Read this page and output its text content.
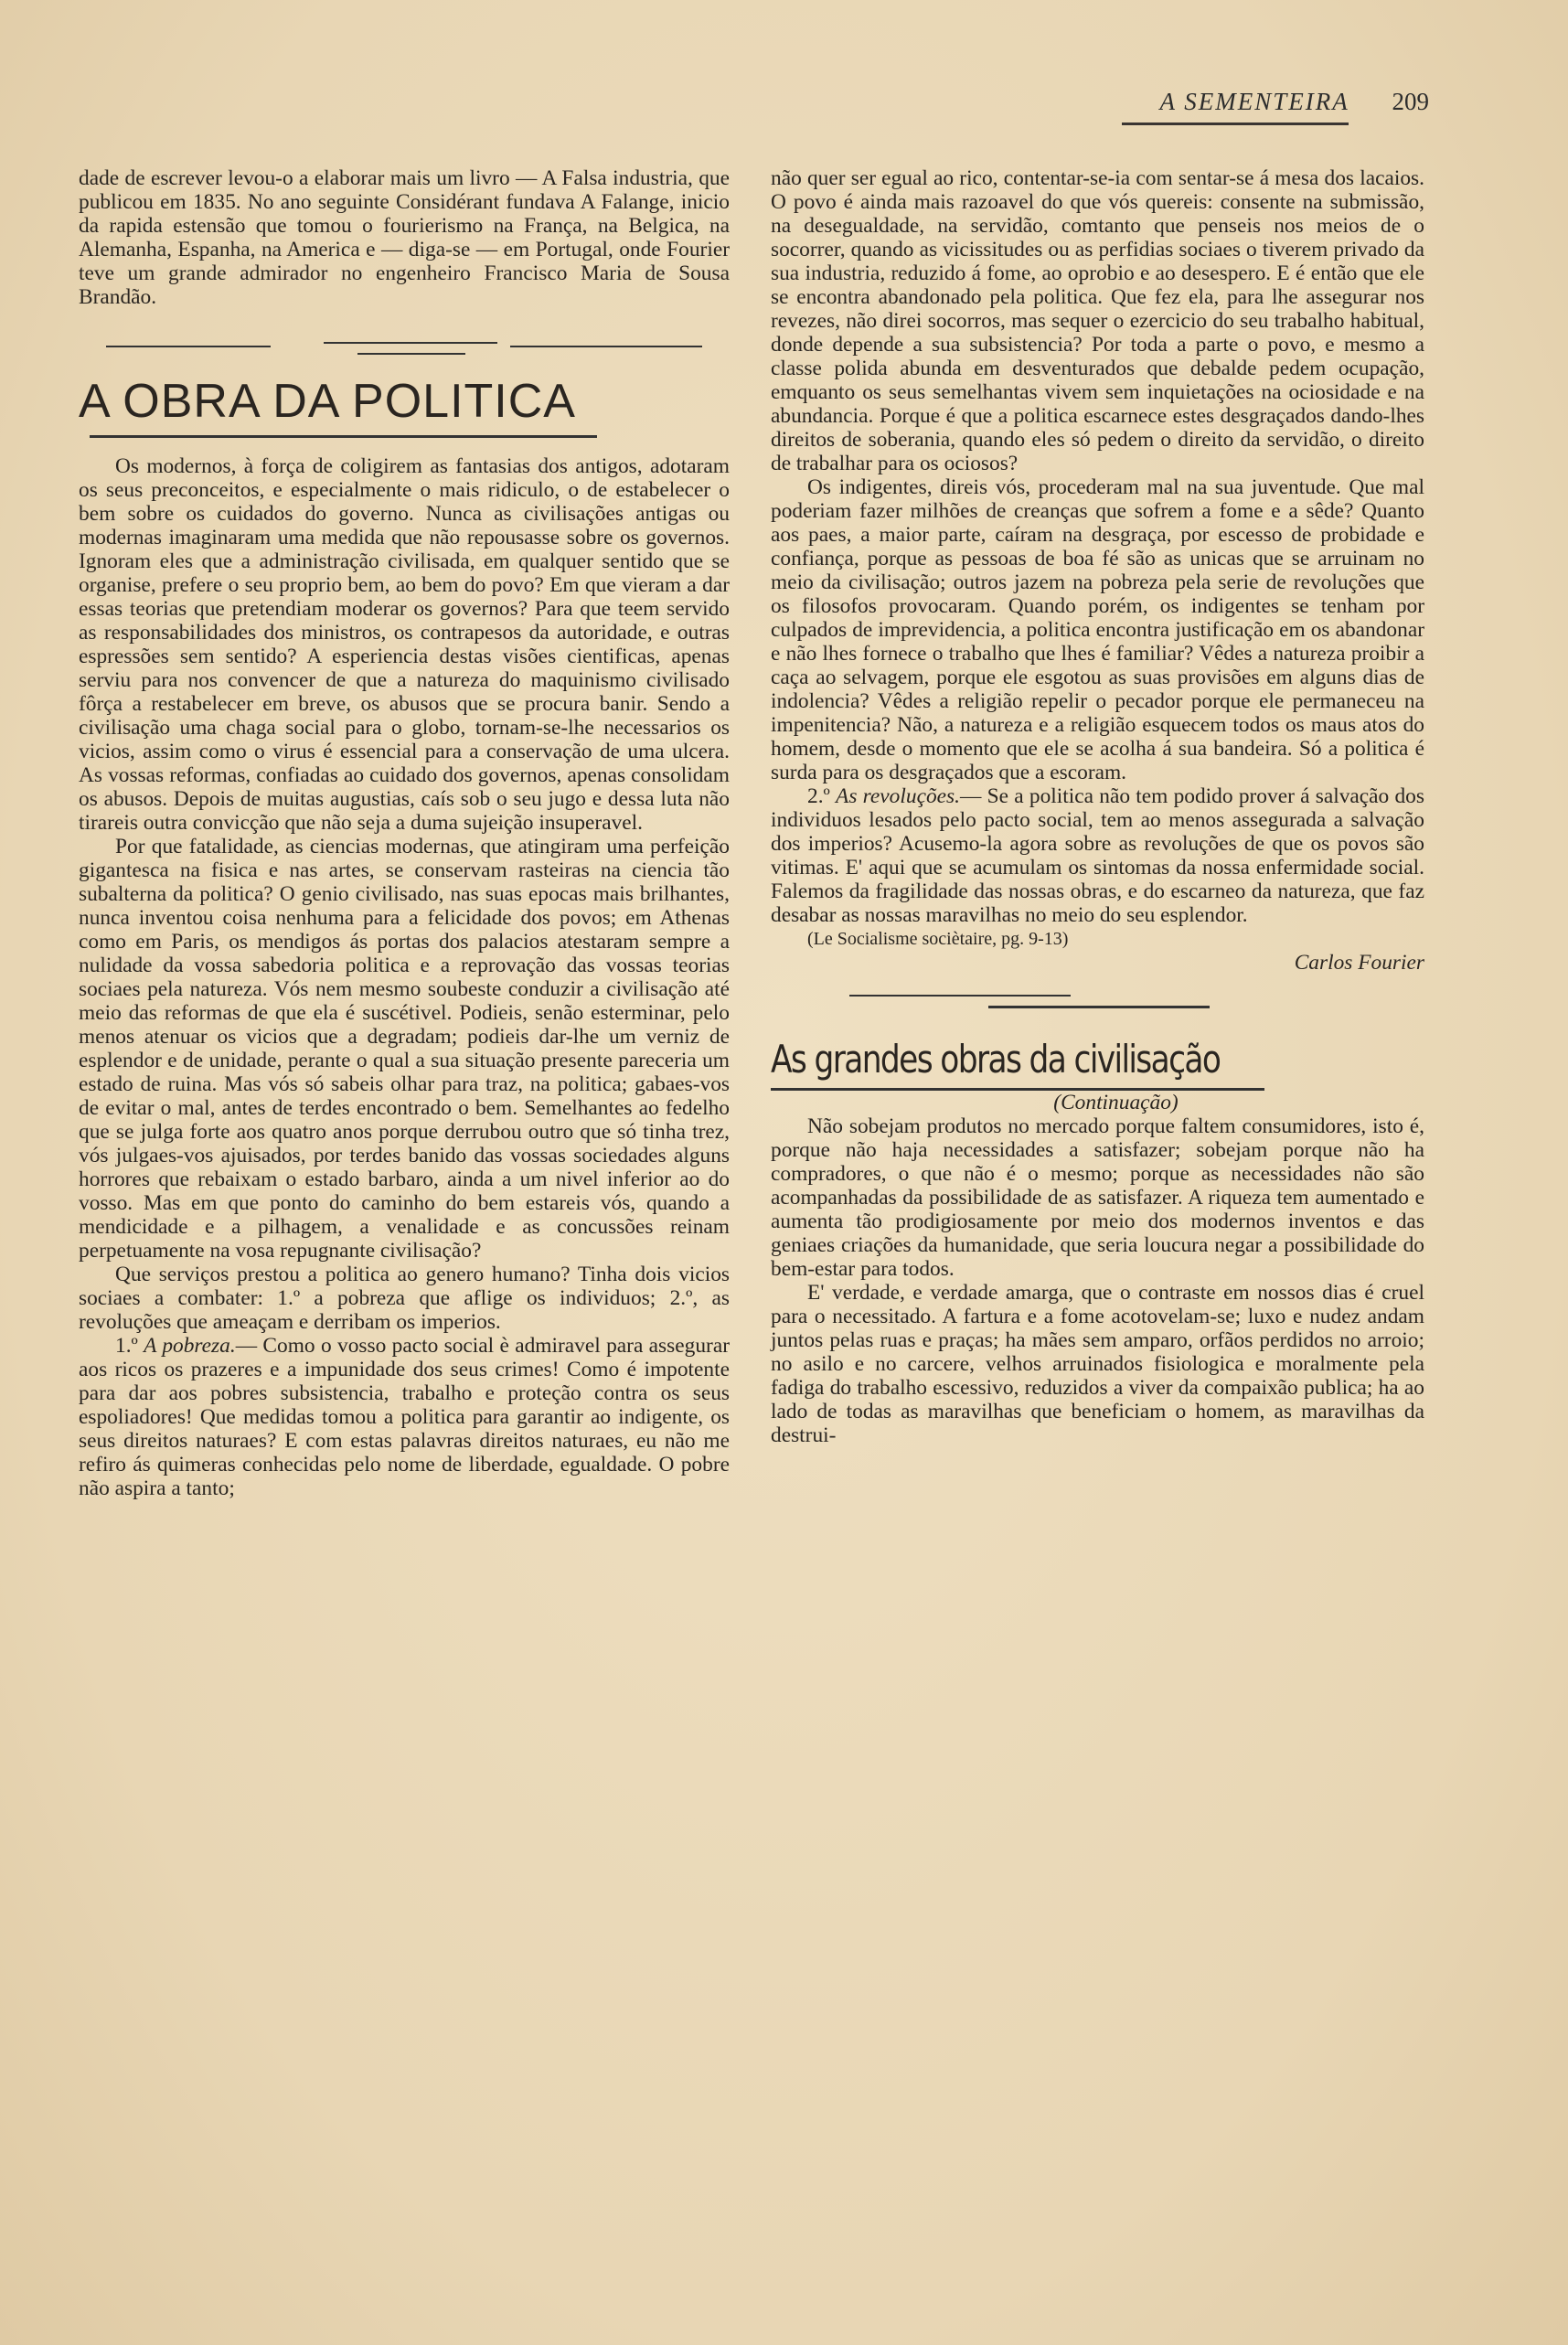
A SEMENTEIRA 209

dade de escrever levou-o a elaborar mais um livro — A Falsa industria, que publicou em 1835. No ano seguinte Considérant fundava A Falange, inicio da rapida estensão que tomou o fourierismo na França, na Belgica, na Alemanha, Espanha, na America e — diga-se — em Portugal, onde Fourier teve um grande admirador no engenheiro Francisco Maria de Sousa Brandão.

A OBRA DA POLITICA

Os modernos, à força de coligirem as fantasias dos antigos, adotaram os seus preconceitos, e especialmente o mais ridiculo, o de estabelecer o bem sobre os cuidados do governo. Nunca as civilisações antigas ou modernas imaginaram uma medida que não repousasse sobre os governos. Ignoram eles que a administração civilisada, em qualquer sentido que se organise, prefere o seu proprio bem, ao bem do povo? Em que vieram a dar essas teorias que pretendiam moderar os governos? Para que teem servido as responsabilidades dos ministros, os contrapesos da autoridade, e outras espressões sem sentido? A esperiencia destas visões cientificas, apenas serviu para nos convencer de que a natureza do maquinismo civilisado fôrça a restabelecer em breve, os abusos que se procura banir. Sendo a civilisação uma chaga social para o globo, tornam-se-lhe necessarios os vicios, assim como o virus é essencial para a conservação de uma ulcera. As vossas reformas, confiadas ao cuidado dos governos, apenas consolidam os abusos. Depois de muitas augustias, caís sob o seu jugo e dessa luta não tirareis outra convicção que não seja a duma sujeição insuperavel.

Por que fatalidade, as ciencias modernas, que atingiram uma perfeição gigantesca na fisica e nas artes, se conservam rasteiras na ciencia tão subalterna da politica? O genio civilisado, nas suas epocas mais brilhantes, nunca inventou coisa nenhuma para a felicidade dos povos; em Athenas como em Paris, os mendigos ás portas dos palacios atestaram sempre a nulidade da vossa sabedoria politica e a reprovação das vossas teorias sociaes pela natureza. Vós nem mesmo soubeste conduzir a civilisação até meio das reformas de que ela é suscétivel. Podieis, senão esterminar, pelo menos atenuar os vicios que a degradam; podieis dar-lhe um verniz de esplendor e de unidade, perante o qual a sua situação presente pareceria um estado de ruina. Mas vós só sabeis olhar para traz, na politica; gabaes-vos de evitar o mal, antes de terdes encontrado o bem. Semelhantes ao fedelho que se julga forte aos quatro anos porque derrubou outro que só tinha trez, vós julgaes-vos ajuisados, por terdes banido das vossas sociedades alguns horrores que rebaixam o estado barbaro, ainda a um nivel inferior ao do vosso. Mas em que ponto do caminho do bem estareis vós, quando a mendicidade e a pilhagem, a venalidade e as concussões reinam perpetuamente na vosa repugnante civilisação?

Que serviços prestou a politica ao genero humano? Tinha dois vicios sociaes a combater: 1.º a pobreza que aflige os individuos; 2.º, as revoluções que ameaçam e derribam os imperios.

1.º A pobreza.— Como o vosso pacto social è admiravel para assegurar aos ricos os prazeres e a impunidade dos seus crimes! Como é impotente para dar aos pobres subsistencia, trabalho e proteção contra os seus espoliadores! Que medidas tomou a politica para garantir ao indigente, os seus direitos naturaes? E com estas palavras direitos naturaes, eu não me refiro ás quimeras conhecidas pelo nome de liberdade, egualdade. O pobre não aspira a tanto;

não quer ser egual ao rico, contentar-se-ia com sentar-se á mesa dos lacaios. O povo é ainda mais razoavel do que vós quereis: consente na submissão, na desegualdade, na servidão, comtanto que penseis nos meios de o socorrer, quando as vicissitudes ou as perfidias sociaes o tiverem privado da sua industria, reduzido á fome, ao oprobio e ao desespero. E é então que ele se encontra abandonado pela politica. Que fez ela, para lhe assegurar nos revezes, não direi socorros, mas sequer o ezercicio do seu trabalho habitual, donde depende a sua subsistencia? Por toda a parte o povo, e mesmo a classe polida abunda em desventurados que debalde pedem ocupação, emquanto os seus semelhantas vivem sem inquietações na ociosidade e na abundancia. Porque é que a politica escarnece estes desgraçados dando-lhes direitos de soberania, quando eles só pedem o direito da servidão, o direito de trabalhar para os ociosos?

Os indigentes, direis vós, procederam mal na sua juventude. Que mal poderiam fazer milhões de creanças que sofrem a fome e a sêde? Quanto aos paes, a maior parte, caíram na desgraça, por escesso de probidade e confiança, porque as pessoas de boa fé são as unicas que se arruinam no meio da civilisação; outros jazem na pobreza pela serie de revoluções que os filosofos provocaram. Quando porém, os indigentes se tenham por culpados de imprevidencia, a politica encontra justificação em os abandonar e não lhes fornece o trabalho que lhes é familiar? Vêdes a natureza proibir a caça ao selvagem, porque ele esgotou as suas provisões em alguns dias de indolencia? Vêdes a religião repelir o pecador porque ele permaneceu na impenitencia? Não, a natureza e a religião esquecem todos os maus atos do homem, desde o momento que ele se acolha á sua bandeira. Só a politica é surda para os desgraçados que a escoram.

2.º As revoluções.— Se a politica não tem podido prover á salvação dos individuos lesados pelo pacto social, tem ao menos assegurada a salvação dos imperios? Acusemo-la agora sobre as revoluções de que os povos são vitimas. E' aqui que se acumulam os sintomas da nossa enfermidade social. Falemos da fragilidade das nossas obras, e do escarneo da natureza, que faz desabar as nossas maravilhas no meio do seu esplendor.

(Le Socialisme sociètaire, pg. 9-13)

Carlos Fourier

As grandes obras da civilisação

(Continuação)

Não sobejam produtos no mercado porque faltem consumidores, isto é, porque não haja necessidades a satisfazer; sobejam porque não ha compradores, o que não é o mesmo; porque as necessidades não são acompanhadas da possibilidade de as satisfazer. A riqueza tem aumentado e aumenta tão prodigiosamente por meio dos modernos inventos e das geniaes criações da humanidade, que seria loucura negar a possibilidade do bem-estar para todos.

E' verdade, e verdade amarga, que o contraste em nossos dias é cruel para o necessitado. A fartura e a fome acotovelam-se; luxo e nudez andam juntos pelas ruas e praças; ha mães sem amparo, orfãos perdidos no arroio; no asilo e no carcere, velhos arruinados fisiologica e moralmente pela fadiga do trabalho escessivo, reduzidos a viver da compaixão publica; ha ao lado de todas as maravilhas que beneficiam o homem, as maravilhas da destrui-
